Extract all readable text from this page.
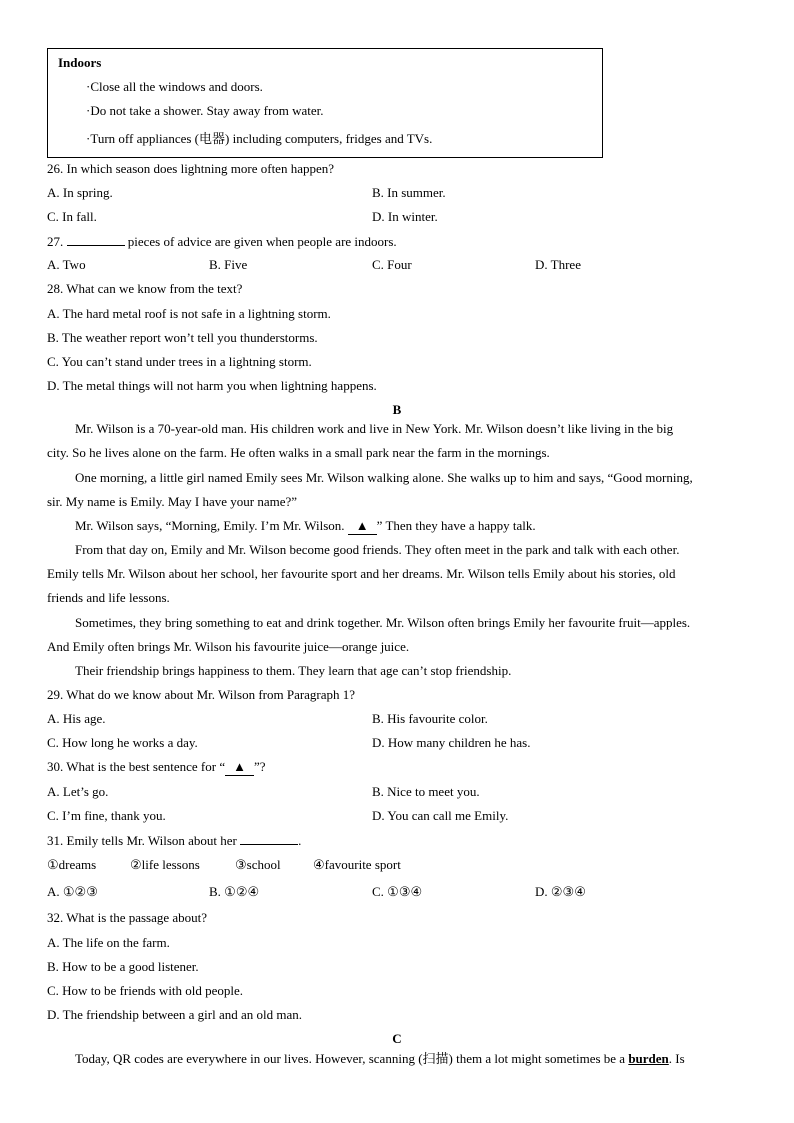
Indoors
·Close all the windows and doors.
·Do not take a shower. Stay away from water.
·Turn off appliances (电器) including computers, fridges and TVs.
26. In which season does lightning more often happen?
A. In spring.	B. In summer.
C. In fall.	D. In winter.
27.	pieces of advice are given when people are indoors.
A. Two	B. Five	C. Four	D. Three
28. What can we know from the text?
A. The hard metal roof is not safe in a lightning storm.
B. The weather report won’t tell you thunderstorms.
C. You can’t stand under trees in a lightning storm.
D. The metal things will not harm you when lightning happens.
B
Mr. Wilson is a 70-year-old man. His children work and live in New York. Mr. Wilson doesn’t like living in the big
city. So he lives alone on the farm. He often walks in a small park near the farm in the mornings.
One morning, a little girl named Emily sees Mr. Wilson walking alone. She walks up to him and says, “Good morning,
sir. My name is Emily. May I have your name?”
Mr. Wilson says, “Morning, Emily. I’m Mr. Wilson. ▲ ” Then they have a happy talk.
From that day on, Emily and Mr. Wilson become good friends. They often meet in the park and talk with each other.
Emily tells Mr. Wilson about her school, her favourite sport and her dreams. Mr. Wilson tells Emily about his stories, old
friends and life lessons.
Sometimes, they bring something to eat and drink together. Mr. Wilson often brings Emily her favourite fruit—apples.
And Emily often brings Mr. Wilson his favourite juice—orange juice.
Their friendship brings happiness to them. They learn that age can’t stop friendship.
29. What do we know about Mr. Wilson from Paragraph 1?
A. His age.	B. His favourite color.
C. How long he works a day.	D. How many children he has.
30. What is the best sentence for “ ▲ ”?
A. Let’s go.	B. Nice to meet you.
C. I’m fine, thank you.	D. You can call me Emily.
31. Emily tells Mr. Wilson about her	.
①dreams	②life lessons	③school ④favourite sport
A. ①②③	B. ①②④	C. ①③④	D. ②③④
32. What is the passage about?
A. The life on the farm.
B. How to be a good listener.
C. How to be friends with old people.
D. The friendship between a girl and an old man.
C
Today, QR codes are everywhere in our lives. However, scanning (扫描) them a lot might sometimes be a burden. Is
